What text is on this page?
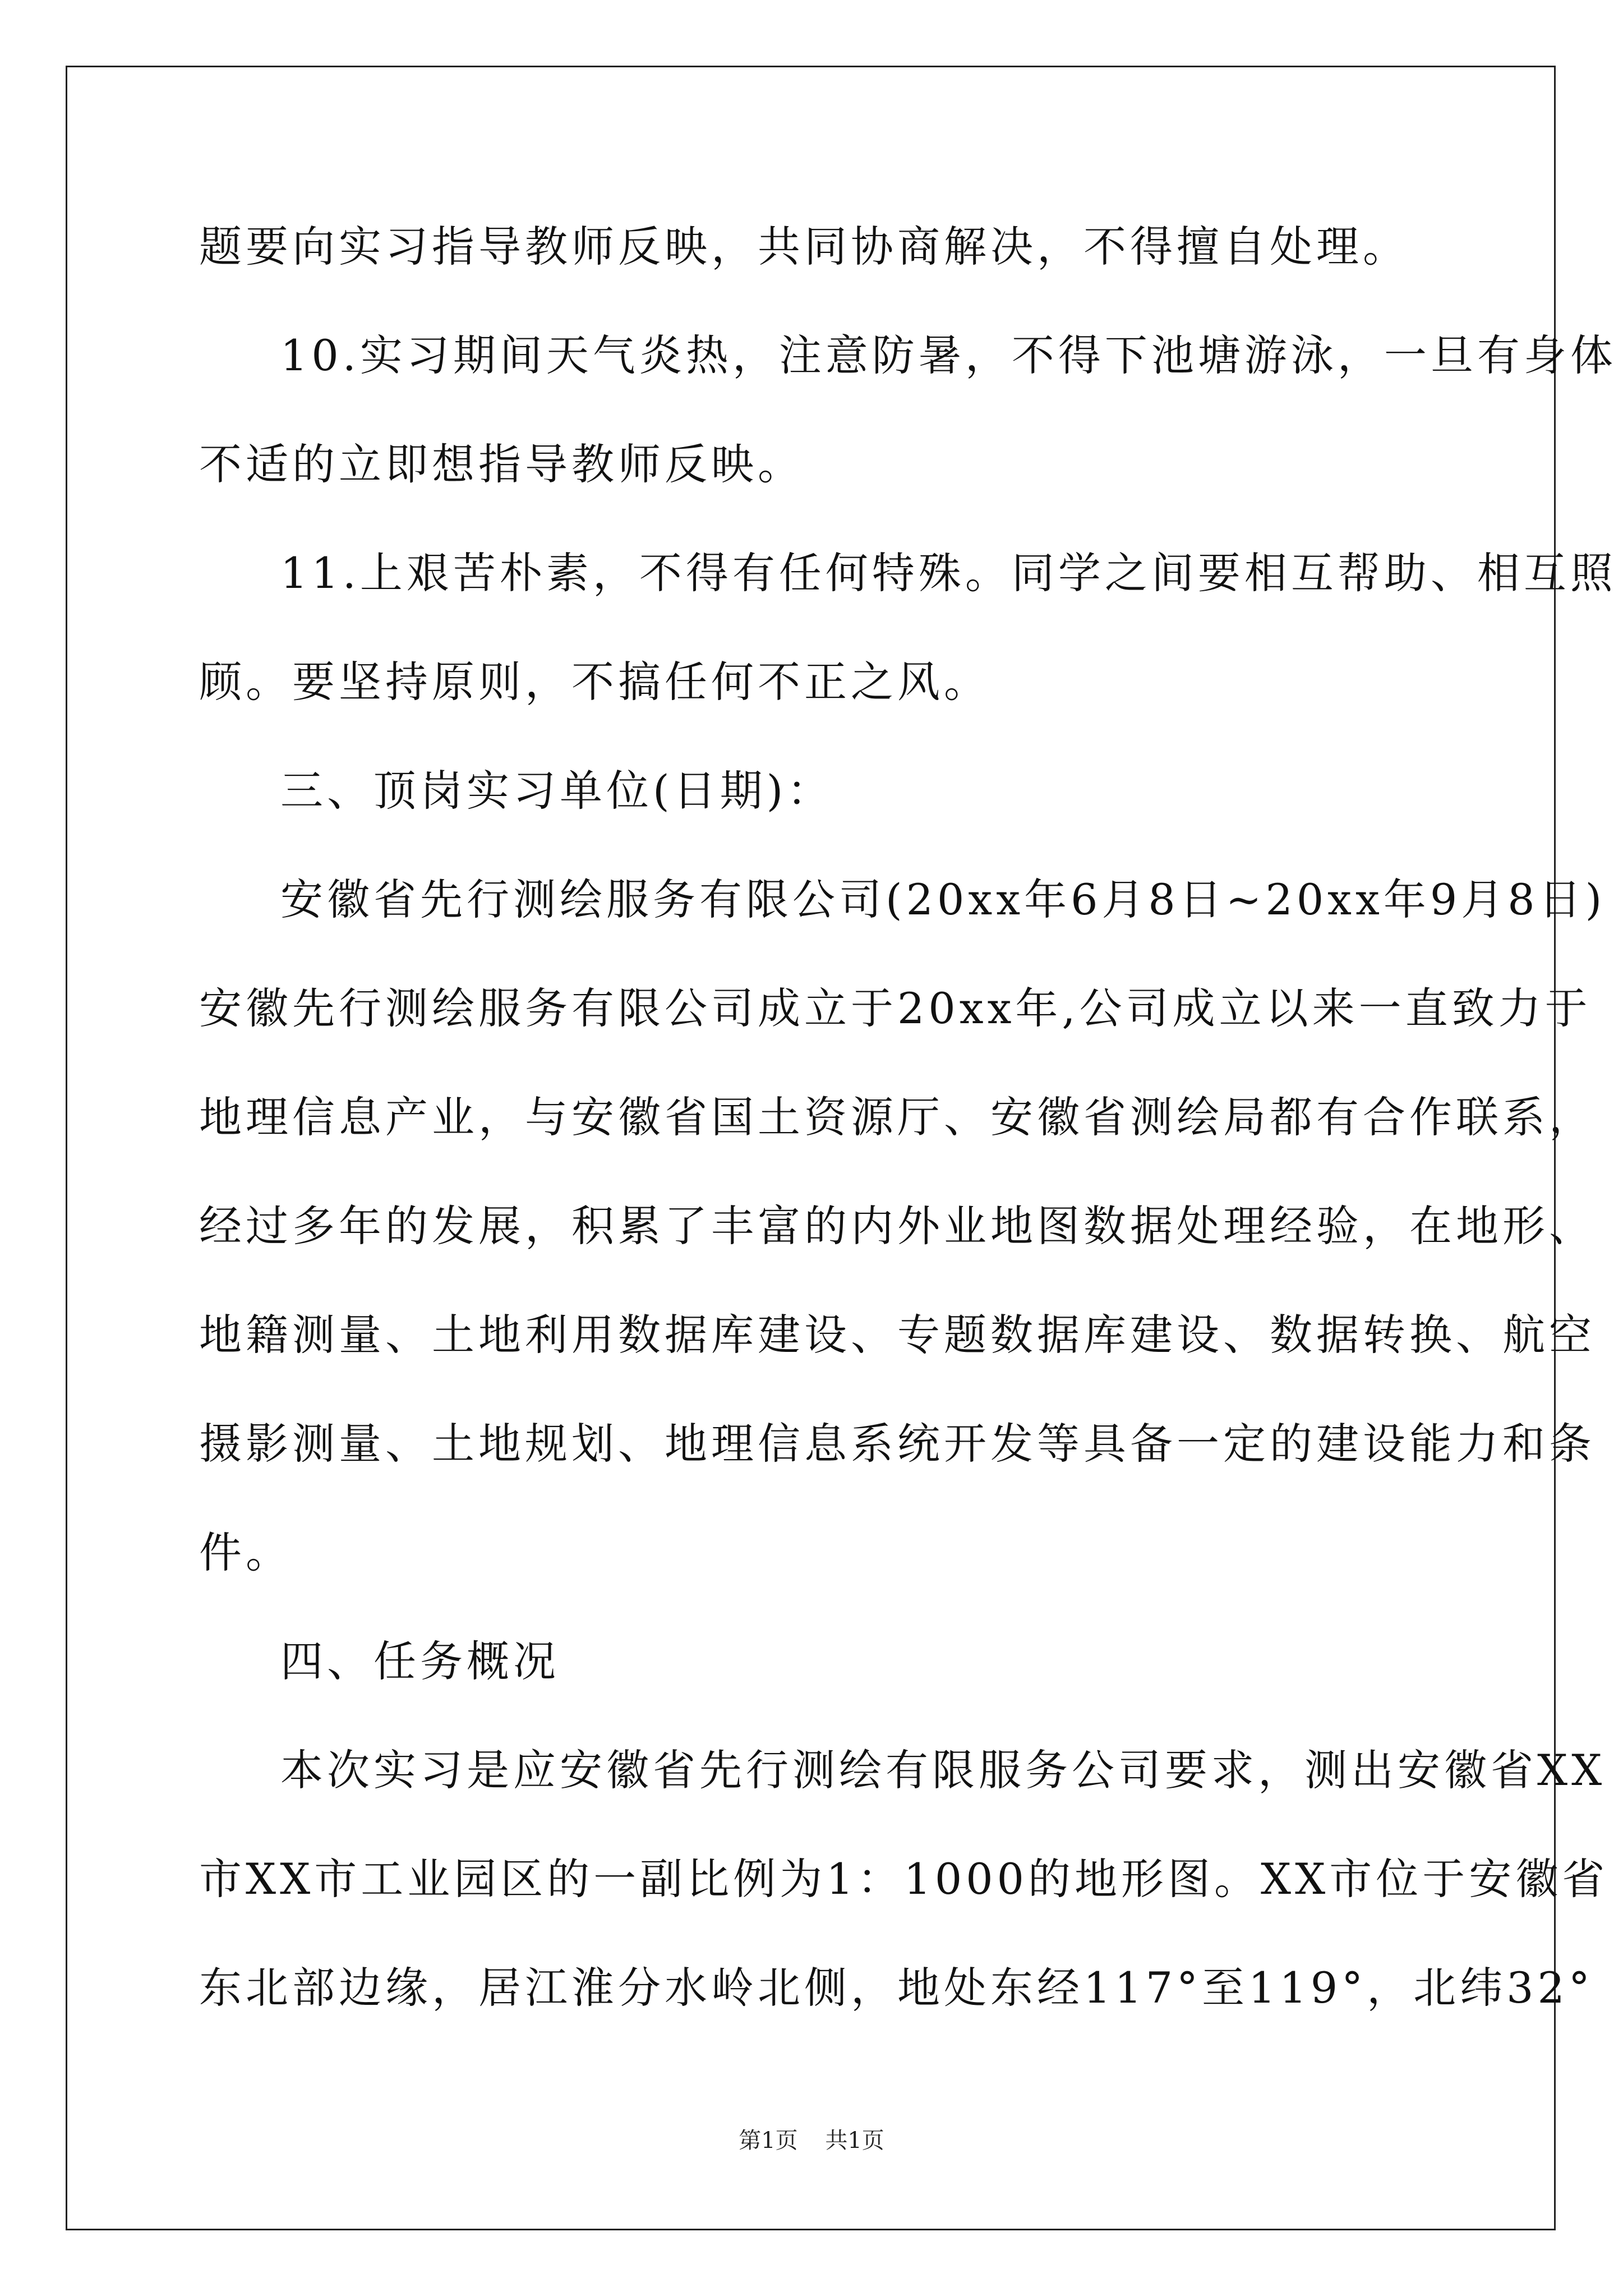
题要向实习指导教师反映，共同协商解决，不得擅自处理。
10.实习期间天气炎热，注意防暑，不得下池塘游泳，一旦有身体
不适的立即想指导教师反映。
11.上艰苦朴素，不得有任何特殊。同学之间要相互帮助、相互照
顾。要坚持原则，不搞任何不正之风。
三、顶岗实习单位(日期)：
安徽省先行测绘服务有限公司(20xx年6月8日~20xx年9月8日)
安徽先行测绘服务有限公司成立于20xx年,公司成立以来一直致力于
地理信息产业，与安徽省国土资源厅、安徽省测绘局都有合作联系，
经过多年的发展，积累了丰富的内外业地图数据处理经验，在地形、
地籍测量、土地利用数据库建设、专题数据库建设、数据转换、航空
摄影测量、土地规划、地理信息系统开发等具备一定的建设能力和条
件。
四、任务概况
本次实习是应安徽省先行测绘有限服务公司要求，测出安徽省XX
市XX市工业园区的一副比例为1：1000的地形图。XX市位于安徽省
东北部边缘，居江淮分水岭北侧，地处东经117°至119°，北纬32°
第1页 共1页
